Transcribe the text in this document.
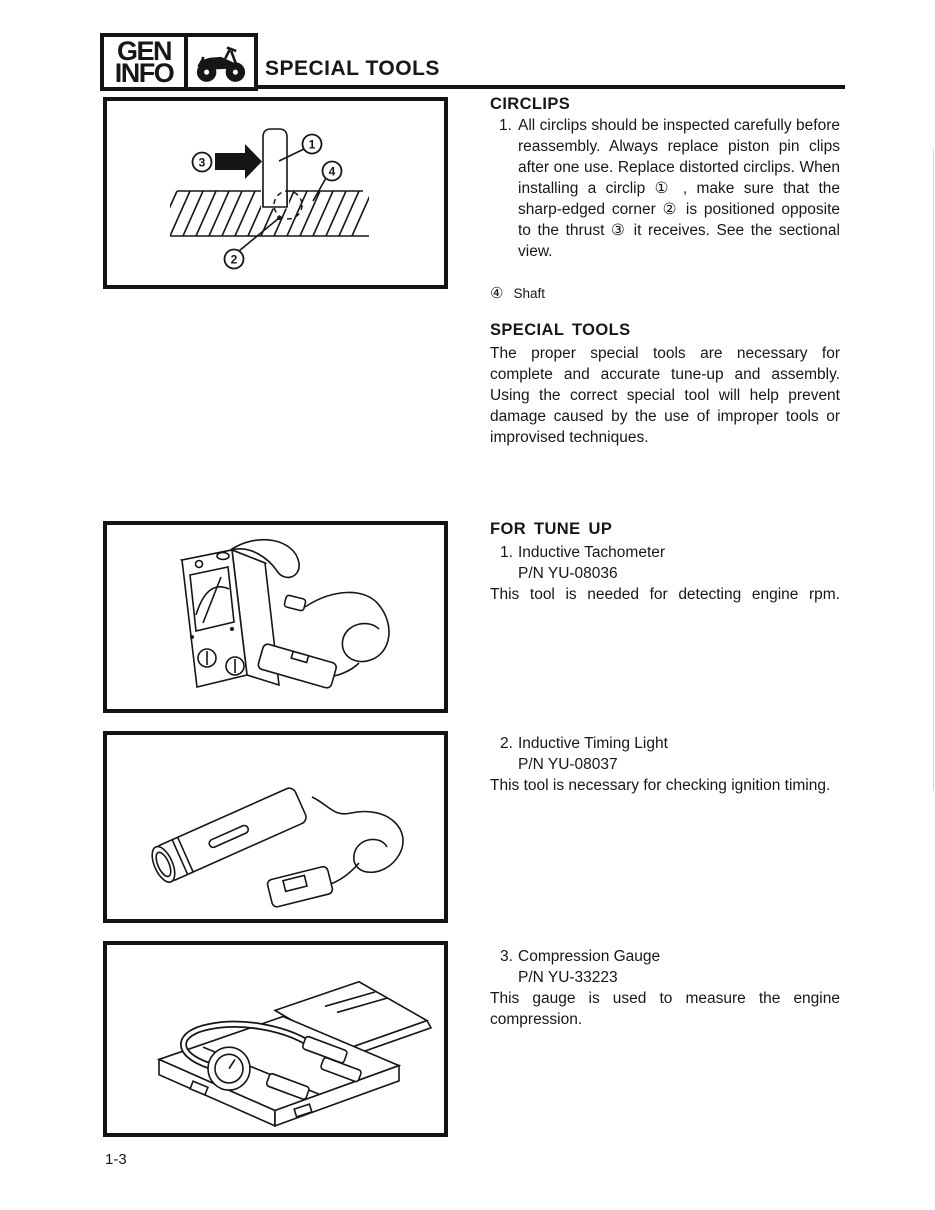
GEN
INFO	SPECIAL TOOLS
1
2
3
4
CIRCLIPS
1. All circlips should be inspected carefully before reassembly. Always replace piston pin clips after one use. Replace distorted circlips. When installing a circlip ① , make sure that the sharp-edged corner ② is positioned opposite to the thrust ③ it receives. See the sectional view.
④ Shaft
SPECIAL TOOLS
The proper special tools are necessary for complete and accurate tune-up and assembly. Using the correct special tool will help prevent damage caused by the use of improper tools or improvised techniques.
FOR TUNE UP
1. Inductive Tachometer
P/N YU-08036
This tool is needed for detecting engine rpm.
2. Inductive Timing Light
P/N YU-08037
This tool is necessary for checking ignition timing.
3. Compression Gauge
P/N YU-33223
This gauge is used to measure the engine compression.
1-3
